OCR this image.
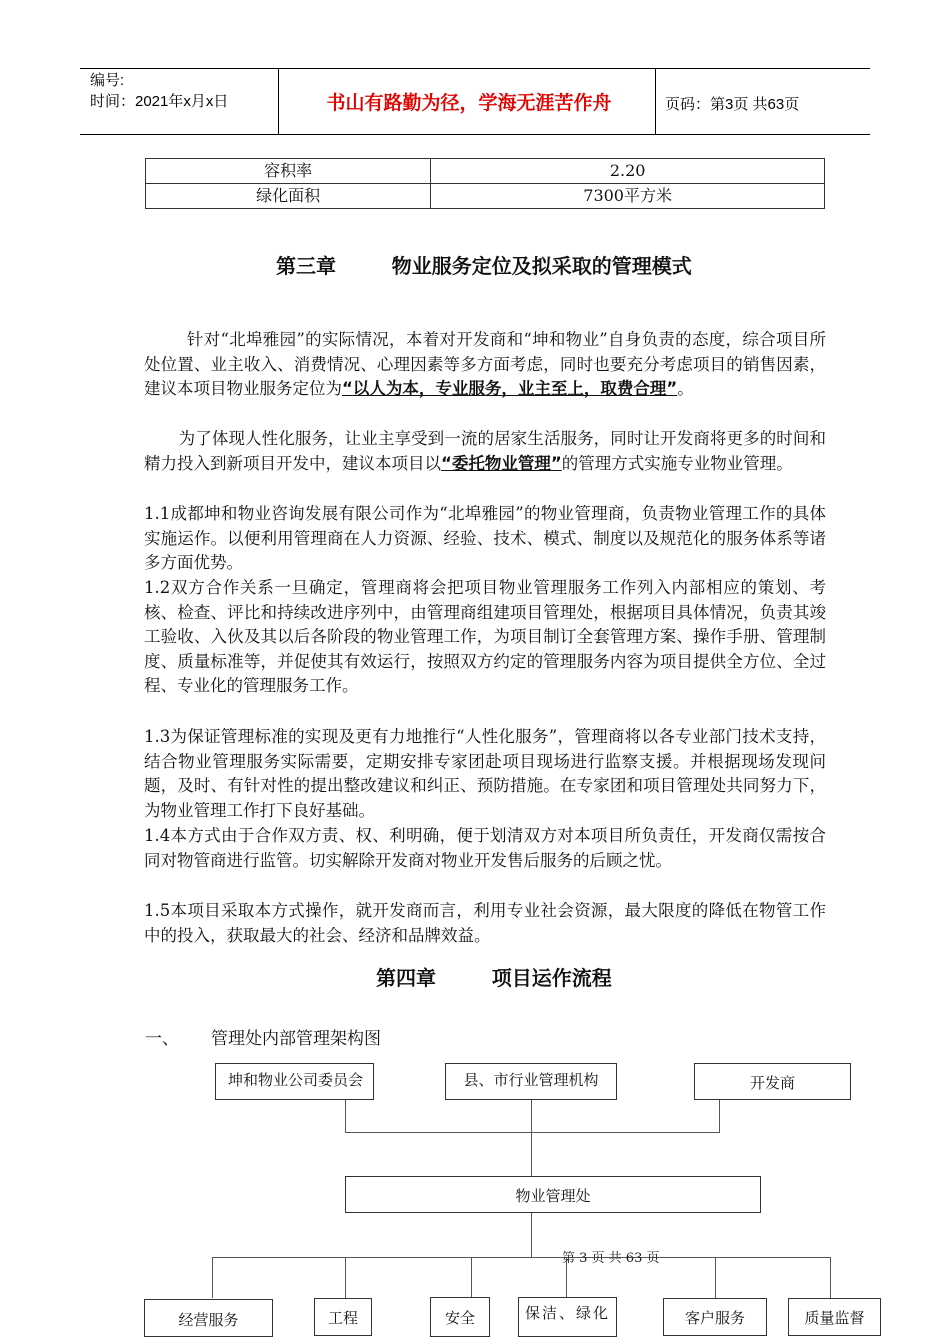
编号:
时间：2021年x月x日	书山有路勤为径，学海无涯苦作舟	页码：第3页 共63页
容积率	2.20
绿化面积	7300平方米
第三章        物业服务定位及拟采取的管理模式

针对“北埠雅园”的实际情况，本着对开发商和“坤和物业”自身负责的态度，综合项目所处位置、业主收入、消费情况、心理因素等多方面考虑，同时也要充分考虑项目的销售因素，建议本项目物业服务定位为“以人为本，专业服务，业主至上，取费合理”。

为了体现人性化服务，让业主享受到一流的居家生活服务，同时让开发商将更多的时间和精力投入到新项目开发中，建议本项目以“委托物业管理”的管理方式实施专业物业管理。

1.1成都坤和物业咨询发展有限公司作为“北埠雅园”的物业管理商，负责物业管理工作的具体实施运作。以便利用管理商在人力资源、经验、技术、模式、制度以及规范化的服务体系等诸多方面优势。

1.2双方合作关系一旦确定，管理商将会把项目物业管理服务工作列入内部相应的策划、考核、检查、评比和持续改进序列中，由管理商组建项目管理处，根据项目具体情况，负责其竣工验收、入伙及其以后各阶段的物业管理工作，为项目制订全套管理方案、操作手册、管理制度、质量标准等，并促使其有效运行，按照双方约定的管理服务内容为项目提供全方位、全过程、专业化的管理服务工作。

1.3为保证管理标准的实现及更有力地推行“人性化服务”，管理商将以各专业部门技术支持，结合物业管理服务实际需要，定期安排专家团赴项目现场进行监察支援。并根据现场发现问题，及时、有针对性的提出整改建议和纠正、预防措施。在专家团和项目管理处共同努力下，为物业管理工作打下良好基础。

1.4本方式由于合作双方责、权、利明确，便于划清双方对本项目所负责任，开发商仅需按合同对物管商进行监管。切实解除开发商对物业开发售后服务的后顾之忧。

1.5本项目采取本方式操作，就开发商而言，利用专业社会资源，最大限度的降低在物管工作中的投入，获取最大的社会、经济和品牌效益。

第四章        项目运作流程
一、 管理处内部管理架构图
坤和物业公司委员会	县、市行业管理机构	开发商
物业管理处
第 3 页 共 63 页
经营服务	工程	安全	保洁、绿化	客户服务	质量监督
